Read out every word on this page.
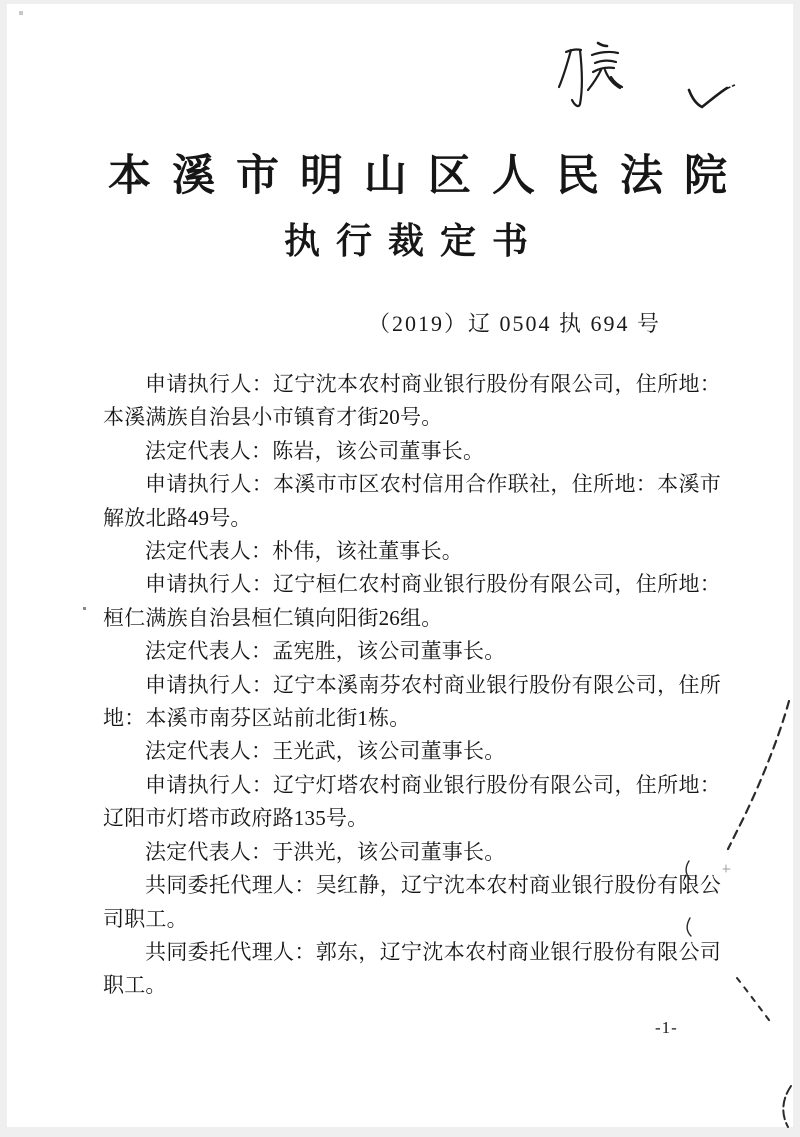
本溪市明山区人民法院
执行裁定书
（2019）辽 0504 执 694 号

申请执行人：辽宁沈本农村商业银行股份有限公司，住所地：本溪满族自治县小市镇育才街20号。

法定代表人：陈岩，该公司董事长。

申请执行人：本溪市市区农村信用合作联社，住所地：本溪市解放北路49号。

法定代表人：朴伟，该社董事长。

申请执行人：辽宁桓仁农村商业银行股份有限公司，住所地：桓仁满族自治县桓仁镇向阳街26组。

法定代表人：孟宪胜，该公司董事长。

申请执行人：辽宁本溪南芬农村商业银行股份有限公司，住所地：本溪市南芬区站前北街1栋。

法定代表人：王光武，该公司董事长。

申请执行人：辽宁灯塔农村商业银行股份有限公司，住所地：辽阳市灯塔市政府路135号。

法定代表人：于洪光，该公司董事长。

共同委托代理人：吴红静，辽宁沈本农村商业银行股份有限公司职工。

共同委托代理人：郭东，辽宁沈本农村商业银行股份有限公司职工。

-1-
